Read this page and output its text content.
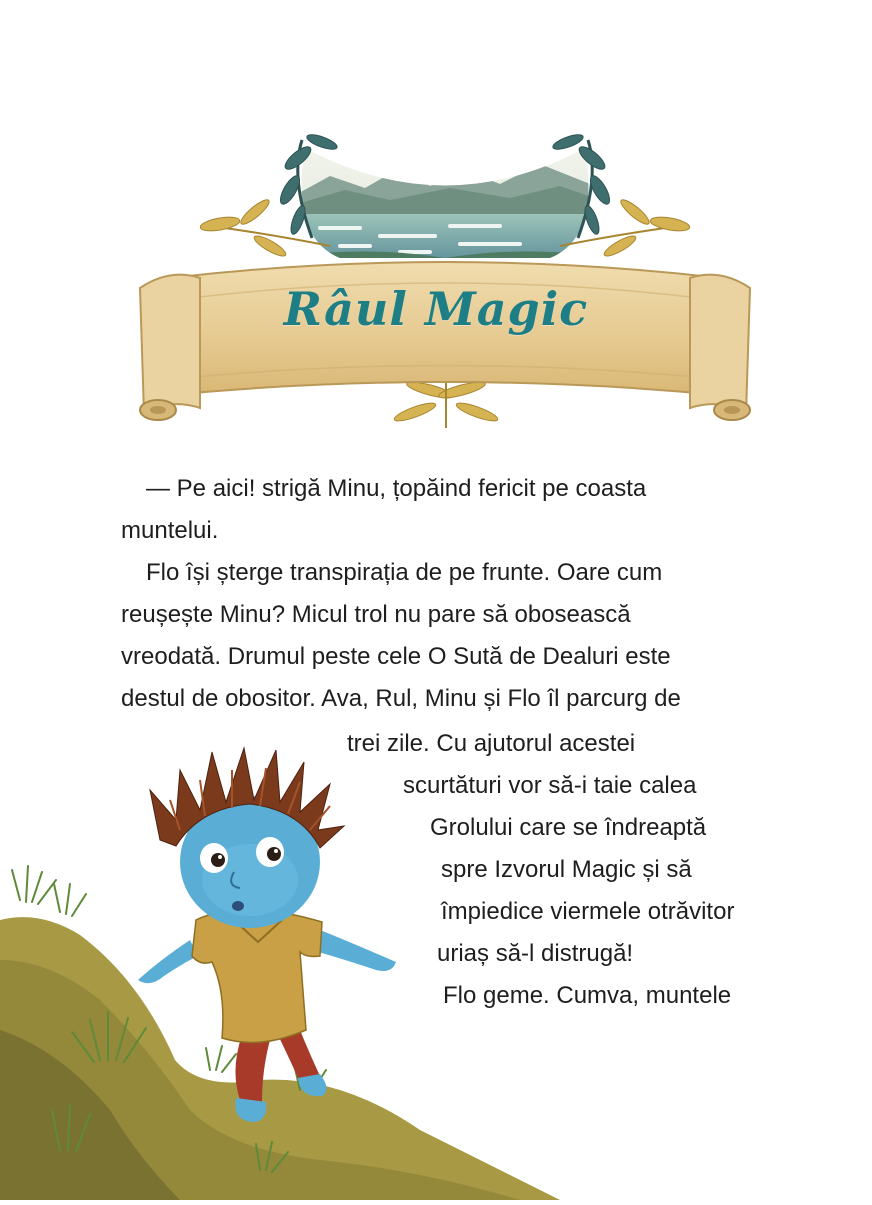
Râul Magic

— Pe aici! strigă Minu, țopăind fericit pe coasta

muntelui.

Flo își șterge transpirația de pe frunte. Oare cum

reușește Minu? Micul trol nu pare să obosească

vreodată. Drumul peste cele O Sută de Dealuri este

destul de obositor. Ava, Rul, Minu și Flo îl parcurg de

trei zile. Cu ajutorul acestei

scurtături vor să-i taie calea

Grolului care se îndreaptă

spre Izvorul Magic și să

împiedice viermele otrăvitor

uriaș să-l distrugă!

Flo geme. Cumva, muntele
